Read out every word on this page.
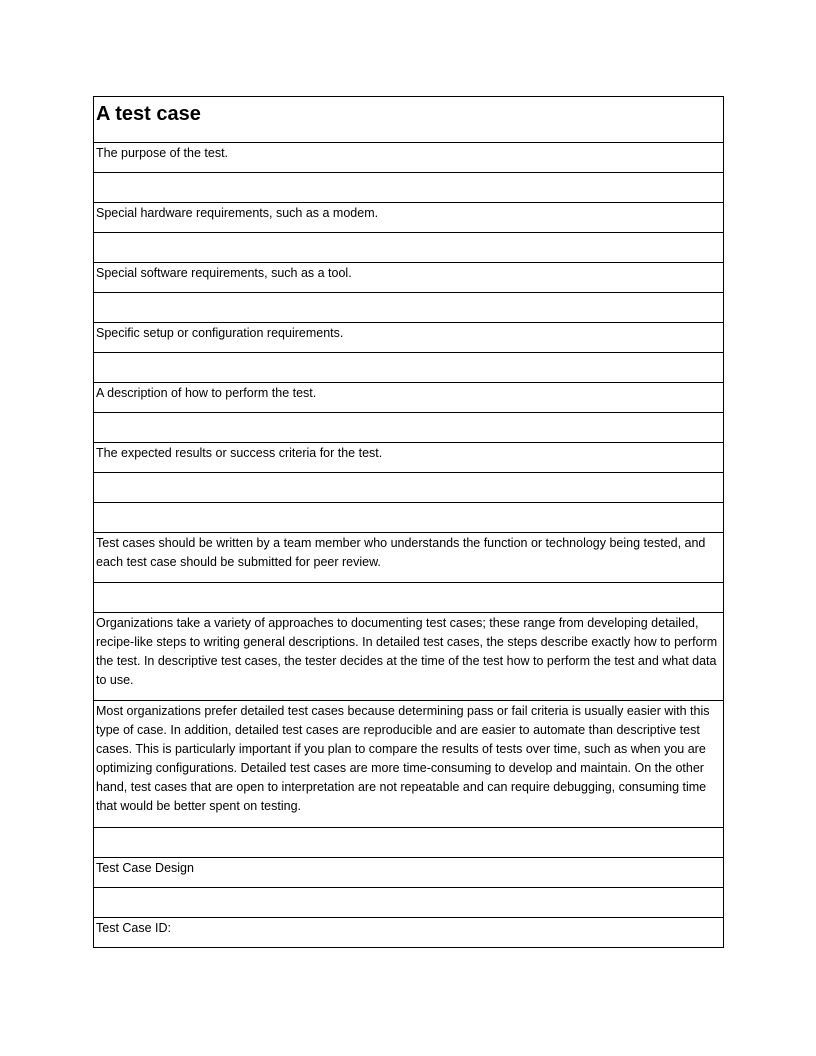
A test case
The purpose of the test.

Special hardware requirements, such as a modem.

Special software requirements, such as a tool.

Specific setup or configuration requirements.

A description of how to perform the test.

The expected results or success criteria for the test.

Test cases should be written by a team member who understands the function or technology being tested, and each test case should be submitted for peer review.

Organizations take a variety of approaches to documenting test cases; these range from developing detailed, recipe-like steps to writing general descriptions. In detailed test cases, the steps describe exactly how to perform the test. In descriptive test cases, the tester decides at the time of the test how to perform the test and what data to use.
Most organizations prefer detailed test cases because determining pass or fail criteria is usually easier with this type of case. In addition, detailed test cases are reproducible and are easier to automate than descriptive test cases. This is particularly important if you plan to compare the results of tests over time, such as when you are optimizing configurations. Detailed test cases are more time-consuming to develop and maintain. On the other hand, test cases that are open to interpretation are not repeatable and can require debugging, consuming time that would be better spent on testing.

Test Case Design

Test Case ID:
